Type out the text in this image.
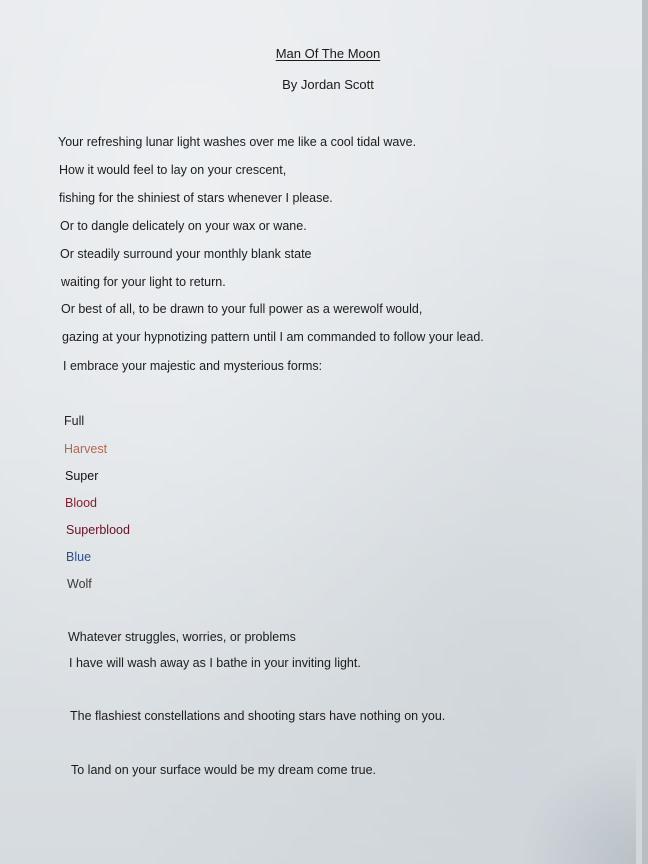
Man Of The Moon
By Jordan Scott
Your refreshing lunar light washes over me like a cool tidal wave.
How it would feel to lay on your crescent,
fishing for the shiniest of stars whenever I please.
Or to dangle delicately on your wax or wane.
Or steadily surround your monthly blank state
waiting for your light to return.
Or best of all, to be drawn to your full power as a werewolf would,
gazing at your hypnotizing pattern until I am commanded to follow your lead.
I embrace your majestic and mysterious forms:
Full
Harvest
Super
Blood
Superblood
Blue
Wolf
Whatever struggles, worries, or problems
I have will wash away as I bathe in your inviting light.
The flashiest constellations and shooting stars have nothing on you.
To land on your surface would be my dream come true.
